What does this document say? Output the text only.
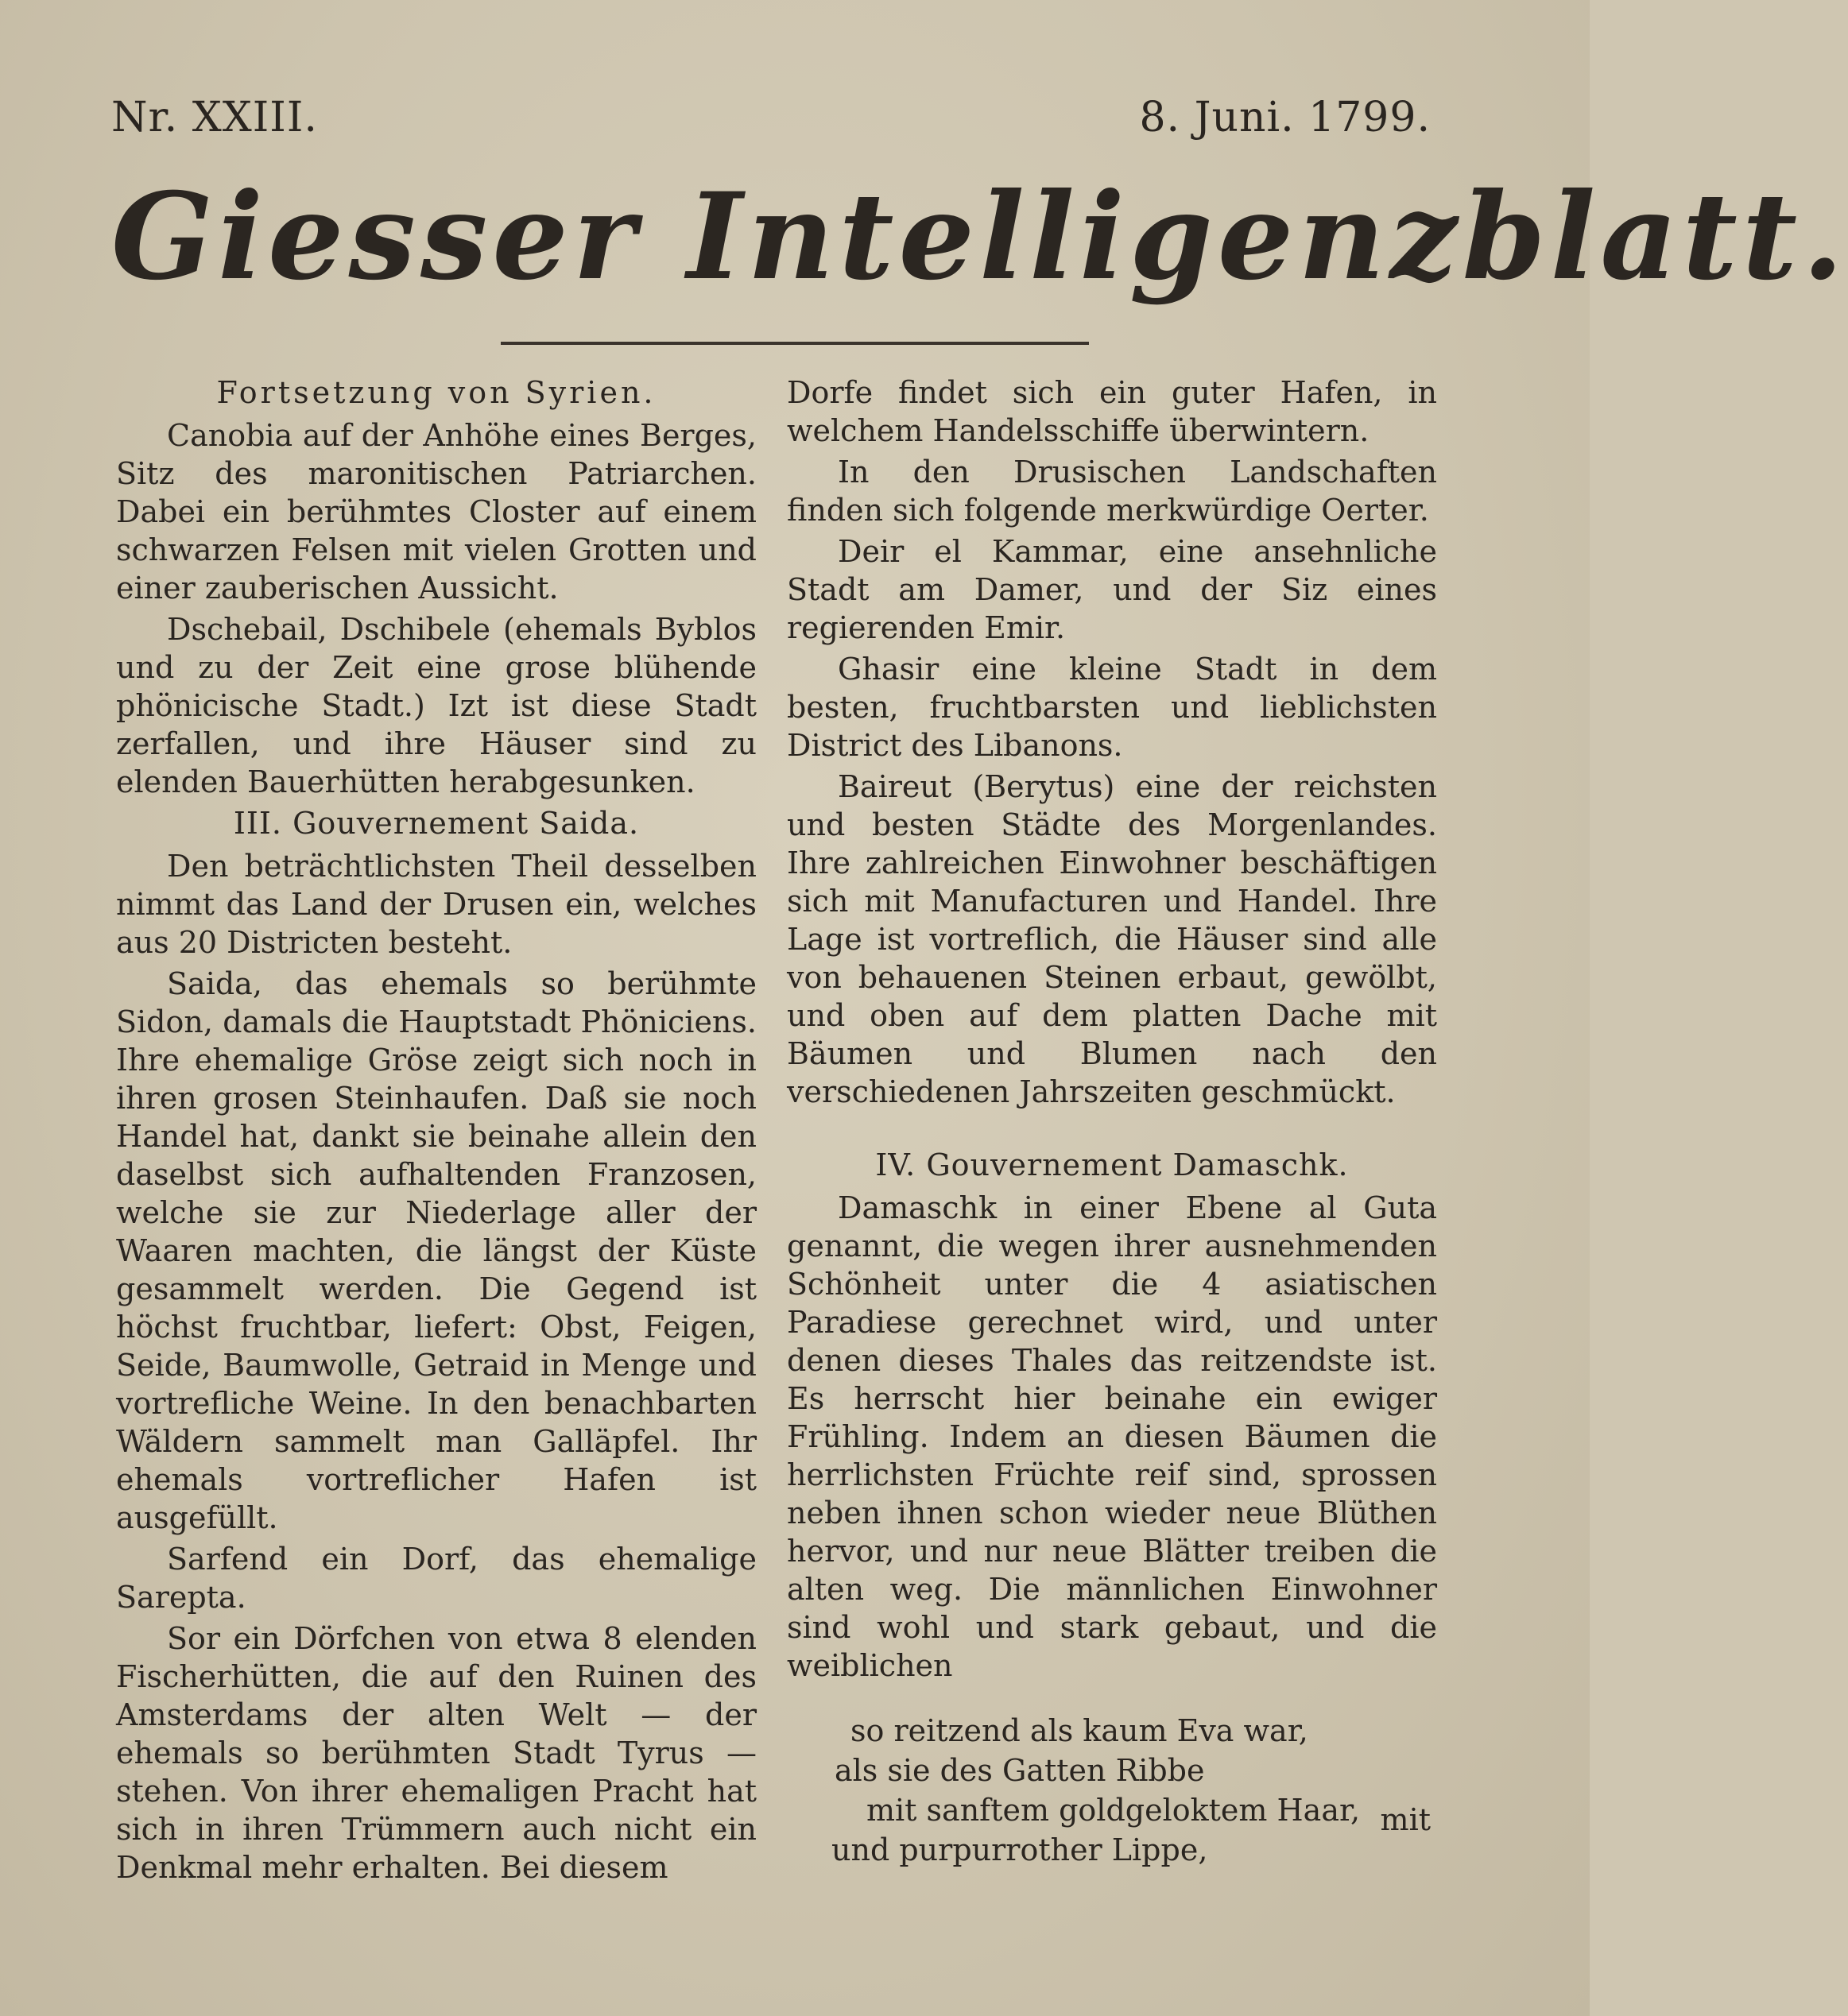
Nr. XXIII.	8. Juni. 1799.
Giesser Intelligenzblatt.
Fortsetzung von Syrien.

Canobia auf der Anhöhe eines Berges, Sitz des maronitischen Patriarchen. Dabei ein berühmtes Closter auf einem schwarzen Felsen mit vielen Grotten und einer zauberischen Aussicht.

Dschebail, Dschibele (ehemals Byblos und zu der Zeit eine grose blühende phönicische Stadt.) Izt ist diese Stadt zerfallen, und ihre Häuser sind zu elenden Bauerhütten herabgesunken.

III. Gouvernement Saida.

Den beträchtlichsten Theil desselben nimmt das Land der Drusen ein, welches aus 20 Districten besteht.

Saida, das ehemals so berühmte Sidon, damals die Hauptstadt Phöniciens. Ihre ehemalige Gröse zeigt sich noch in ihren grosen Steinhaufen. Daß sie noch Handel hat, dankt sie beinahe allein den daselbst sich aufhaltenden Franzosen, welche sie zur Niederlage aller der Waaren machten, die längst der Küste gesammelt werden. Die Gegend ist höchst fruchtbar, liefert: Obst, Feigen, Seide, Baumwolle, Getraid in Menge und vortrefliche Weine. In den benachbarten Wäldern sammelt man Galläpfel. Ihr ehemals vortreflicher Hafen ist ausgefüllt.

Sarfend ein Dorf, das ehemalige Sarepta.

Sor ein Dörfchen von etwa 8 elenden Fischerhütten, die auf den Ruinen des Amsterdams der alten Welt — der ehemals so berühmten Stadt Tyrus — stehen. Von ihrer ehemaligen Pracht hat sich in ihren Trümmern auch nicht ein Denkmal mehr erhalten. Bei diesem

Dorfe findet sich ein guter Hafen, in welchem Handelsschiffe überwintern.

In den Drusischen Landschaften finden sich folgende merkwürdige Oerter.

Deir el Kammar, eine ansehnliche Stadt am Damer, und der Siz eines regierenden Emir.

Ghasir eine kleine Stadt in dem besten, fruchtbarsten und lieblichsten District des Libanons.

Baireut (Berytus) eine der reichsten und besten Städte des Morgenlandes. Ihre zahlreichen Einwohner beschäftigen sich mit Manufacturen und Handel. Ihre Lage ist vortreflich, die Häuser sind alle von behauenen Steinen erbaut, gewölbt, und oben auf dem platten Dache mit Bäumen und Blumen nach den verschiedenen Jahrszeiten geschmückt.

IV. Gouvernement Damaschk.

Damaschk in einer Ebene al Guta genannt, die wegen ihrer ausnehmenden Schönheit unter die 4 asiatischen Paradiese gerechnet wird, und unter denen dieses Thales das reitzendste ist. Es herrscht hier beinahe ein ewiger Frühling. Indem an diesen Bäumen die herrlichsten Früchte reif sind, sprossen neben ihnen schon wieder neue Blüthen hervor, und nur neue Blätter treiben die alten weg. Die männlichen Einwohner sind wohl und stark gebaut, und die weiblichen

so reitzend als kaum Eva war,
als sie des Gatten Ribbe
mit sanftem goldgeloktem Haar,
und purpurrother Lippe,
mit
